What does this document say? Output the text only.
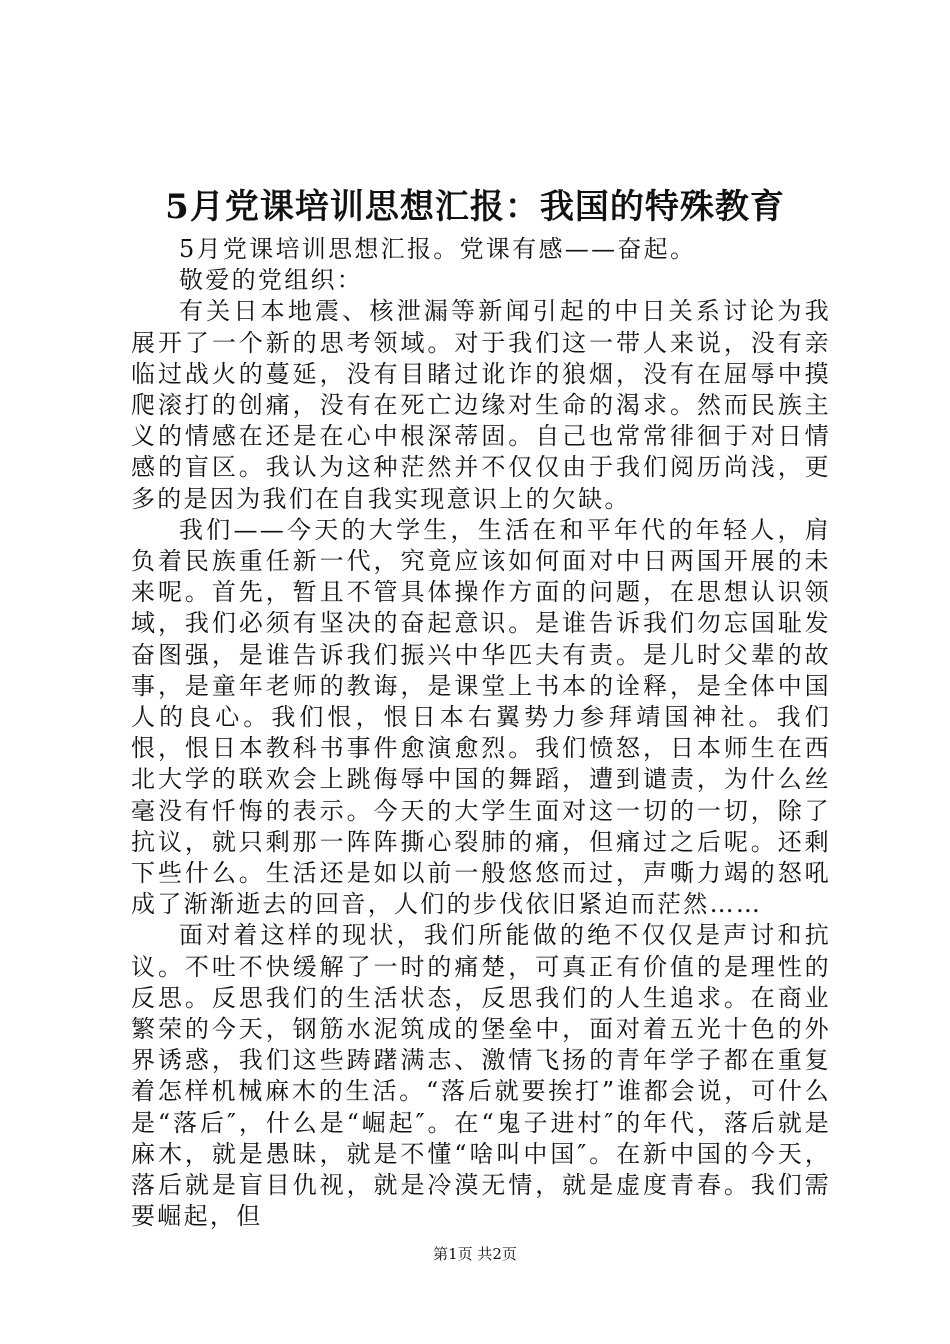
5月党课培训思想汇报：我国的特殊教育

5月党课培训思想汇报。党课有感——奋起。

敬爱的党组织：

有关日本地震、核泄漏等新闻引起的中日关系讨论为我展开了一个新的思考领域。对于我们这一带人来说，没有亲临过战火的蔓延，没有目睹过讹诈的狼烟，没有在屈辱中摸爬滚打的创痛，没有在死亡边缘对生命的渴求。然而民族主义的情感在还是在心中根深蒂固。自己也常常徘徊于对日情感的盲区。我认为这种茫然并不仅仅由于我们阅历尚浅，更多的是因为我们在自我实现意识上的欠缺。

我们——今天的大学生，生活在和平年代的年轻人，肩负着民族重任新一代，究竟应该如何面对中日两国开展的未来呢。首先，暂且不管具体操作方面的问题，在思想认识领域，我们必须有坚决的奋起意识。是谁告诉我们勿忘国耻发奋图强，是谁告诉我们振兴中华匹夫有责。是儿时父辈的故事，是童年老师的教诲，是课堂上书本的诠释，是全体中国人的良心。我们恨，恨日本右翼势力参拜靖国神社。我们恨，恨日本教科书事件愈演愈烈。我们愤怒，日本师生在西北大学的联欢会上跳侮辱中国的舞蹈，遭到谴责，为什么丝毫没有忏悔的表示。今天的大学生面对这一切的一切，除了抗议，就只剩那一阵阵撕心裂肺的痛，但痛过之后呢。还剩下些什么。生活还是如以前一般悠悠而过，声嘶力竭的怒吼成了渐渐逝去的回音，人们的步伐依旧紧迫而茫然……

面对着这样的现状，我们所能做的绝不仅仅是声讨和抗议。不吐不快缓解了一时的痛楚，可真正有价值的是理性的反思。反思我们的生活状态，反思我们的人生追求。在商业繁荣的今天，钢筋水泥筑成的堡垒中，面对着五光十色的外界诱惑，我们这些踌躇满志、激情飞扬的青年学子都在重复着怎样机械麻木的生活。“落后就要挨打”谁都会说，可什么是“落后″，什么是“崛起″。在“鬼子进村″的年代，落后就是麻木，就是愚昧，就是不懂“啥叫中国″。在新中国的今天，落后就是盲目仇视，就是冷漠无情，就是虚度青春。我们需要崛起，但

第1页 共2页
